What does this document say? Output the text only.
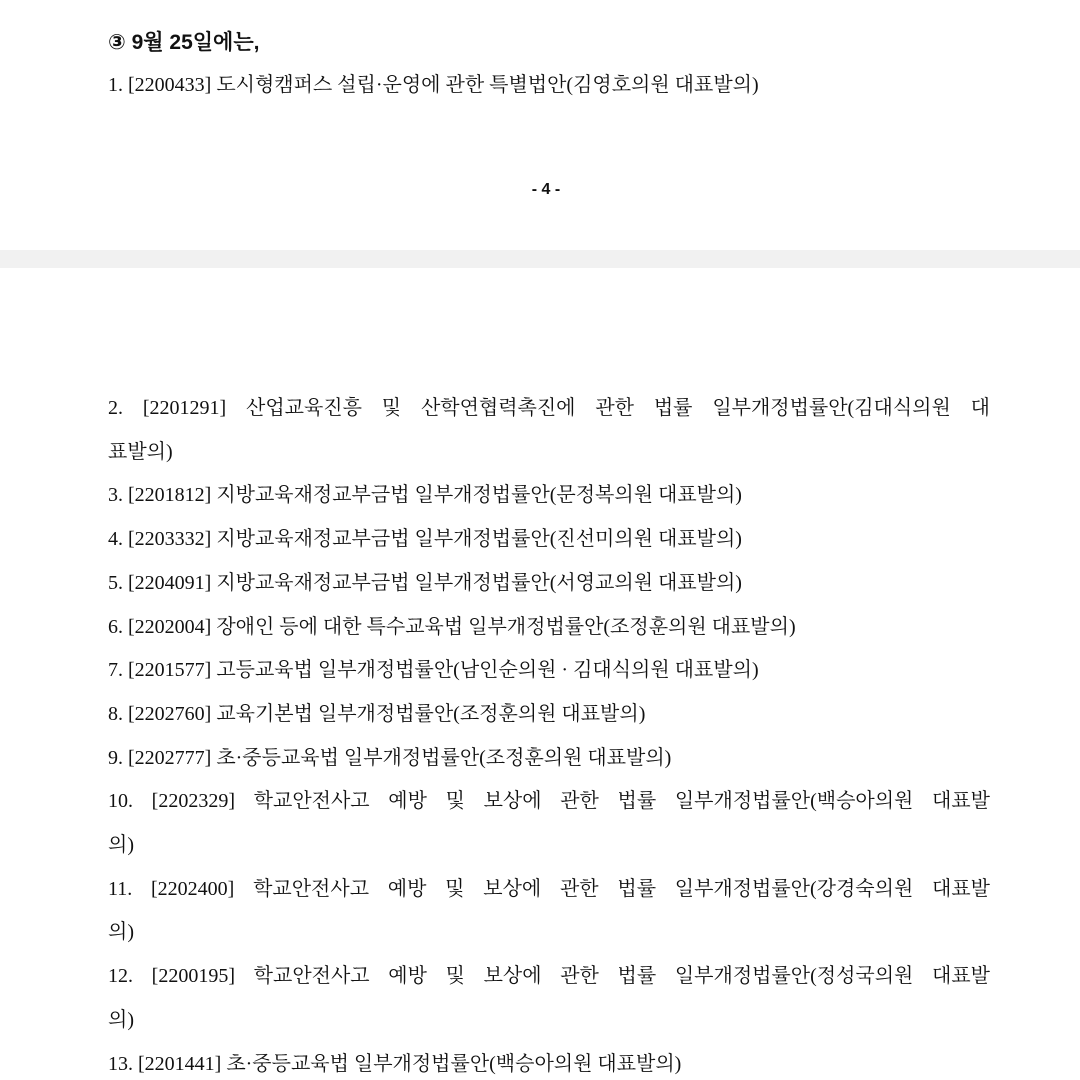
③ 9월 25일에는,
1. [2200433] 도시형캠퍼스 설립·운영에 관한 특별법안(김영호의원 대표발의)
- 4 -
2. [2201291] 산업교육진흥 및 산학연협력촉진에 관한 법률 일부개정법률안(김대식의원 대
표발의)
3. [2201812] 지방교육재정교부금법 일부개정법률안(문정복의원 대표발의)
4. [2203332] 지방교육재정교부금법 일부개정법률안(진선미의원 대표발의)
5. [2204091] 지방교육재정교부금법 일부개정법률안(서영교의원 대표발의)
6. [2202004] 장애인 등에 대한 특수교육법 일부개정법률안(조정훈의원 대표발의)
7. [2201577] 고등교육법 일부개정법률안(남인순의원 · 김대식의원 대표발의)
8. [2202760] 교육기본법 일부개정법률안(조정훈의원 대표발의)
9. [2202777] 초·중등교육법 일부개정법률안(조정훈의원 대표발의)
10. [2202329] 학교안전사고 예방 및 보상에 관한 법률 일부개정법률안(백승아의원 대표발
의)
11. [2202400] 학교안전사고 예방 및 보상에 관한 법률 일부개정법률안(강경숙의원 대표발
의)
12. [2200195] 학교안전사고 예방 및 보상에 관한 법률 일부개정법률안(정성국의원 대표발
의)
13. [2201441] 초·중등교육법 일부개정법률안(백승아의원 대표발의)
